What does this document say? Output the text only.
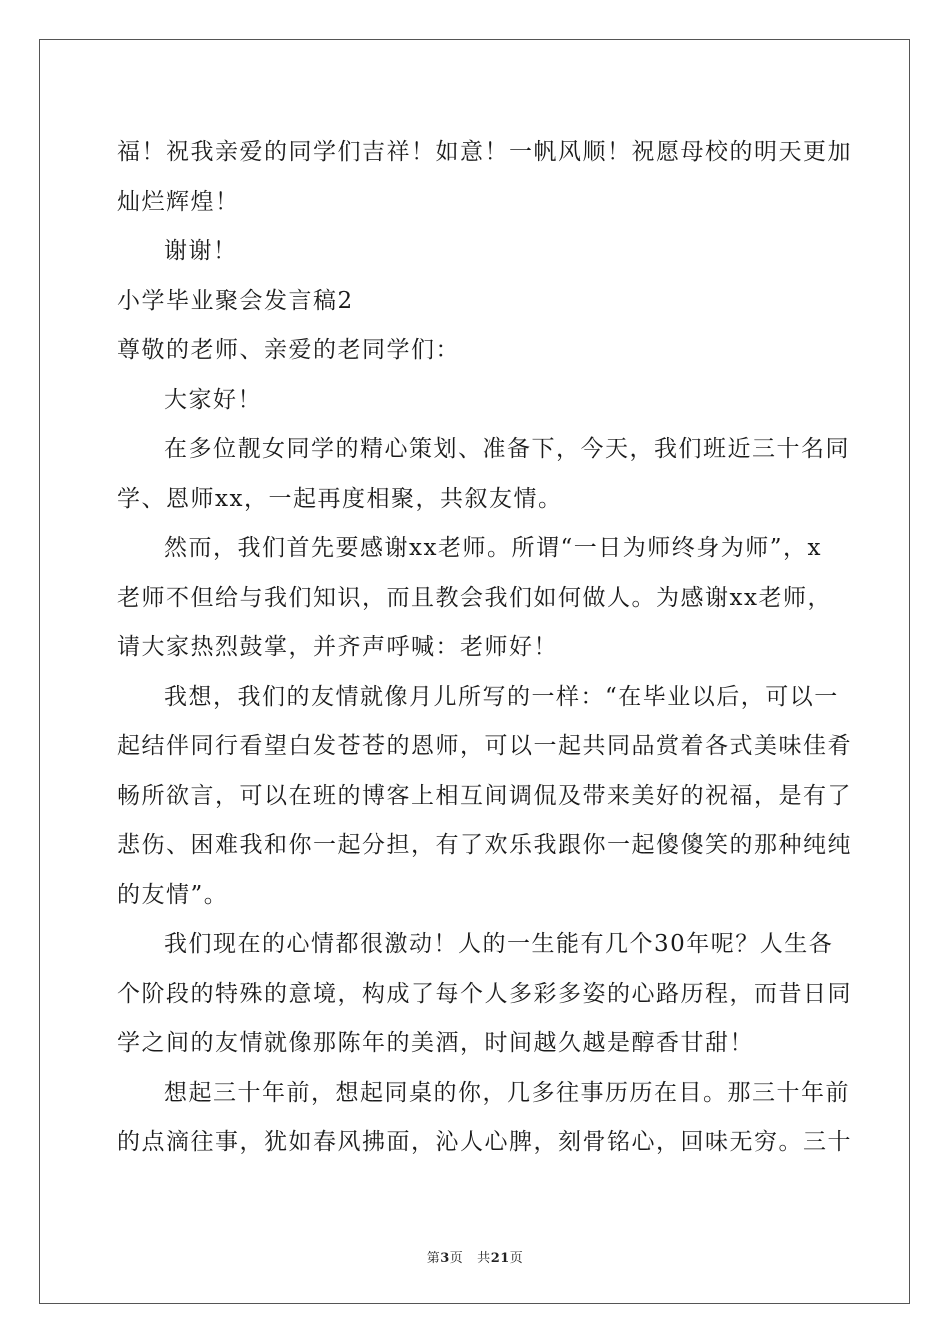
福！祝我亲爱的同学们吉祥！如意！一帆风顺！祝愿母校的明天更加
灿烂辉煌！
谢谢！
小学毕业聚会发言稿2
尊敬的老师、亲爱的老同学们：
大家好！
在多位靓女同学的精心策划、准备下，今天，我们班近三十名同
学、恩师xx，一起再度相聚，共叙友情。
然而，我们首先要感谢xx老师。所谓“一日为师终身为师”，x
老师不但给与我们知识，而且教会我们如何做人。为感谢xx老师，
请大家热烈鼓掌，并齐声呼喊：老师好！
我想，我们的友情就像月儿所写的一样：“在毕业以后，可以一
起结伴同行看望白发苍苍的恩师，可以一起共同品赏着各式美味佳肴
畅所欲言，可以在班的博客上相互间调侃及带来美好的祝福，是有了
悲伤、困难我和你一起分担，有了欢乐我跟你一起傻傻笑的那种纯纯
的友情”。
我们现在的心情都很激动！人的一生能有几个30年呢？人生各
个阶段的特殊的意境，构成了每个人多彩多姿的心路历程，而昔日同
学之间的友情就像那陈年的美酒，时间越久越是醇香甘甜！
想起三十年前，想起同桌的你，几多往事历历在目。那三十年前
的点滴往事，犹如春风拂面，沁人心脾，刻骨铭心，回味无穷。三十
第3页 共21页
